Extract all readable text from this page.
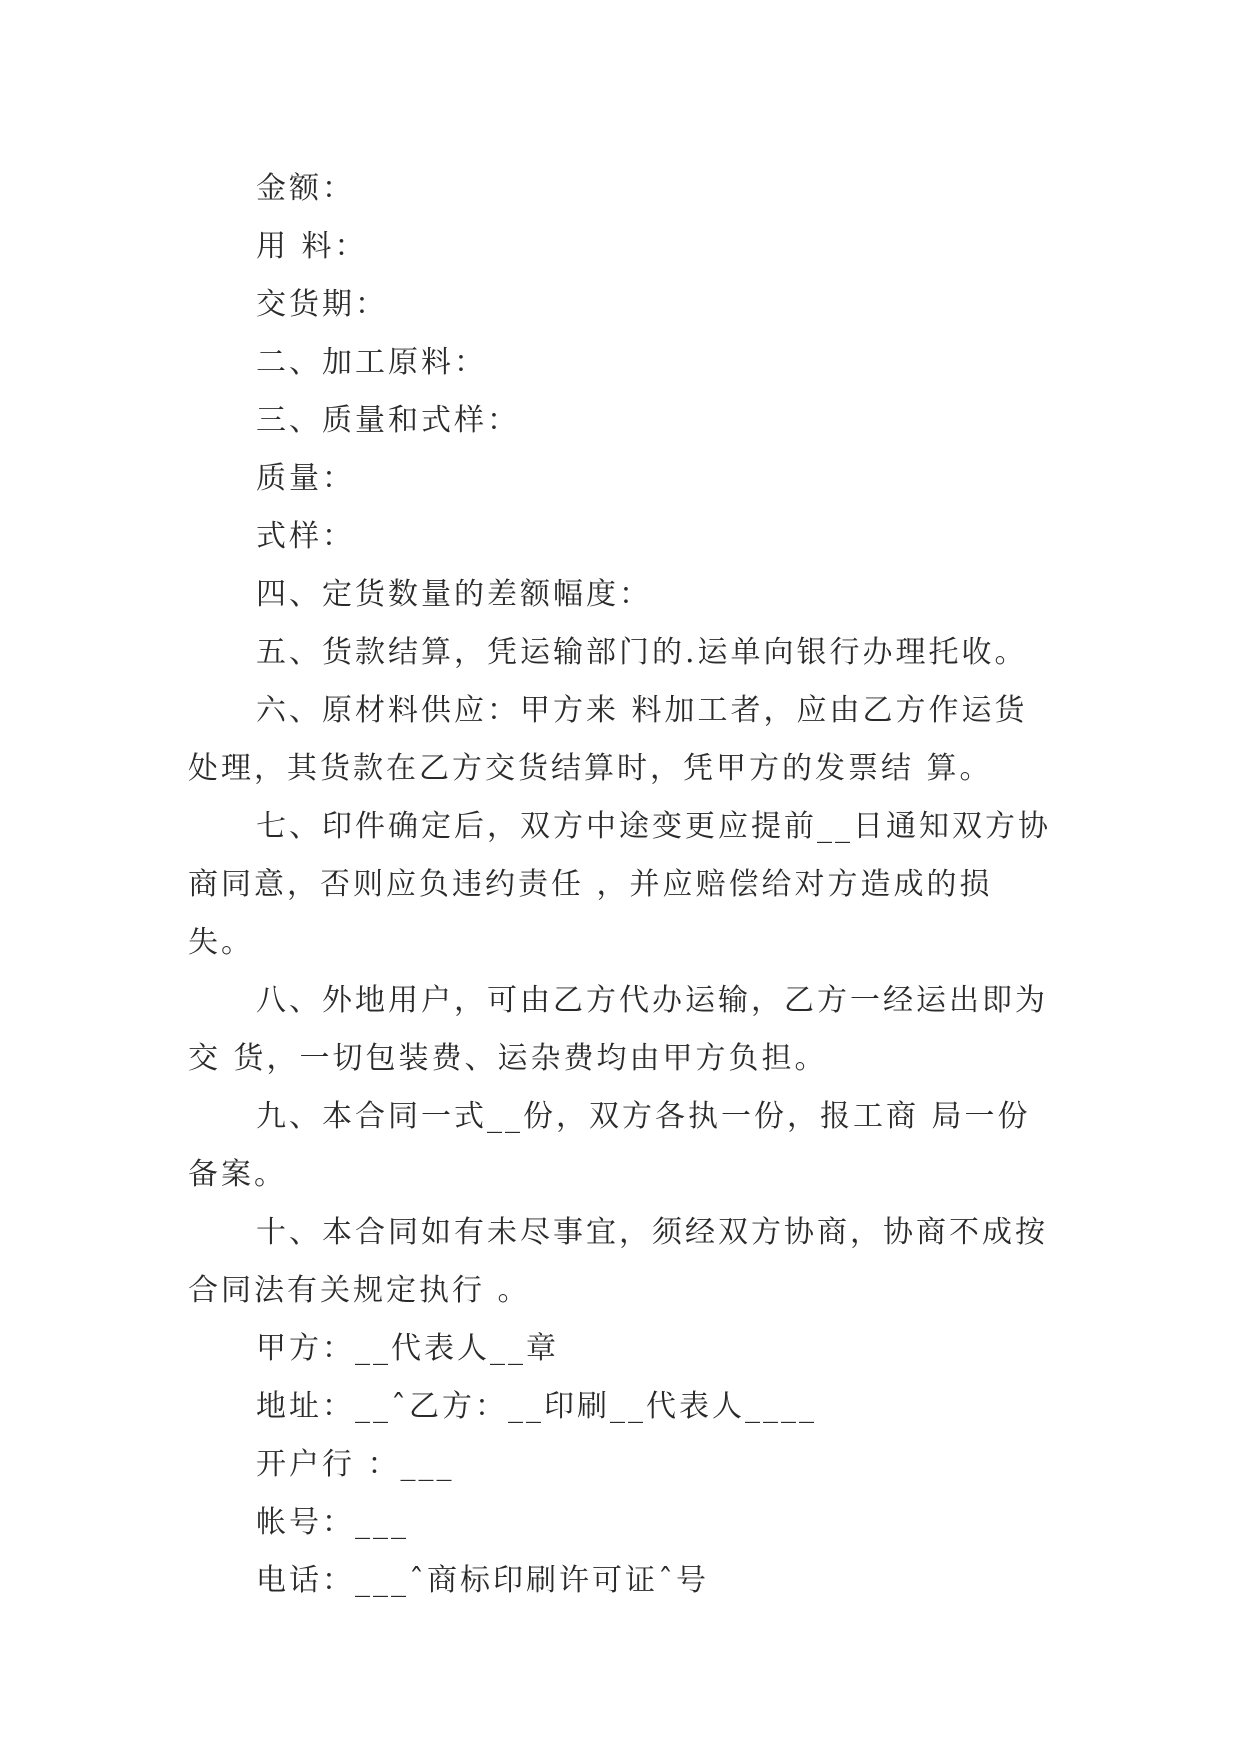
金额：

用 料：

交货期：

二、加工原料：

三、质量和式样：

质量：

式样：

四、定货数量的差额幅度：

五、货款结算，凭运输部门的.运单向银行办理托收。

六、原材料供应：甲方来 料加工者，应由乙方作运货处理，其货款在乙方交货结算时，凭甲方的发票结 算。

七、印件确定后，双方中途变更应提前__日通知双方协商同意，否则应负违约责任 ，并应赔偿给对方造成的损失。

八、外地用户，可由乙方代办运输，乙方一经运出即为交 货，一切包装费、运杂费均由甲方负担。

九、本合同一式__份，双方各执一份，报工商 局一份备案。

十、本合同如有未尽事宜，须经双方协商，协商不成按合同法有关规定执行 。

甲方：__代表人__章

地址：__ˆ乙方：__印刷__代表人____

开户行 ：___

帐号：___

电话：___ˆ商标印刷许可证ˆ号
